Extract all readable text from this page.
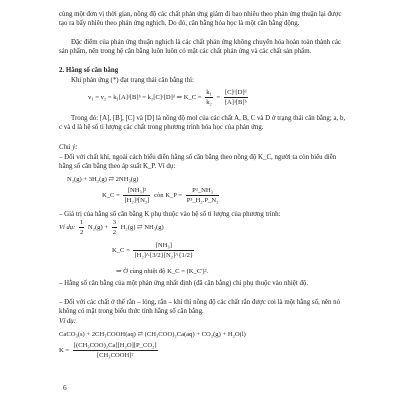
cùng một đơn vị thời gian, nồng độ các chất phản ứng giảm đi bao nhiêu theo phản ứng thuận lại được tạo ra bấy nhiêu theo phản ứng nghịch. Do đó, cân bằng hóa học là một cân bằng động.

Đặc điểm của phản ứng thuận nghịch là các chất phản ứng không chuyển hóa hoàn toàn thành các sản phẩm, nên trong hệ cân bằng luôn luôn có mặt các chất phản ứng và các chất sản phẩm.

2. Hằng số cân bằng

Khi phản ứng (*) đạt trạng thái cân bằng thì:

v₁ = v₂ = k₁[A]ᵃ[B]ᵇ = k₂[C]ᶜ[D]ᵈ ⇒ K_C = $\frac{\text{k₁}}{\text{k₂}} = \frac{\text{[C]ᶜ[D]ᵈ}}{\text{[A]ᵃ[B]ᵇ}}$

Trong đó: [A], [B], [C] và [D] là nồng độ mol của các chất A, B, C và D ở trạng thái cân bằng; a, b, c và d là hệ số tỉ lượng các chất trong phương trình hóa học của phản ứng.

Chú ý:

– Đối với chất khí, ngoài cách biểu diễn hằng số cân bằng theo nồng độ K_C, người ta còn biểu diễn hằng số cân bằng theo áp suất K_P. Ví dụ:

N₂(g) + 3H₂(g) ⇄ 2NH₃(g)
K_C = $\frac{\text{[NH₃]²}}{\text{[H₂]³[N₂]}}$ còn K_P = $\frac{\text{P²\_NH₃}}{\text{P³\_H₂.P\_N₂}}$

– Giá trị của hằng số cân bằng K phụ thuộc vào hệ số tỉ lượng của phương trình:

Ví dụ: $\frac{1}{2} N_2(g) + \frac{3}{2} H_2(g)$ ⇄ NH₃(g)
K_C = $\frac{\text{[NH₃]}}{\text{[H₂]\textasciicircum{}\{3/2\}[N₂]\textasciicircum{}\{1/2\}}}$
⇒ Ở cùng nhiệt độ K_C = (K_C')².

– Hằng số cân bằng của một phản ứng nhất định (đã cân bằng) chỉ phụ thuộc vào nhiệt độ.

– Đối với các chất ở thể rắn – lỏng, rắn – khí thì nồng độ các chất rắn được coi là một hằng số, nên nó không có mặt trong biểu thức tính hằng số cân bằng.

Ví dụ:

CaCO₃(s) + 2CH₃COOH(aq) ⇄ (CH₃COO)₂Ca(aq) + CO₂(g) + H₂O(l)
$K = \frac{\text{[(CH₃COO)₂Ca][H₂O][P\_CO₂]}}{\text{[CH₃COOH]²}}$
6
